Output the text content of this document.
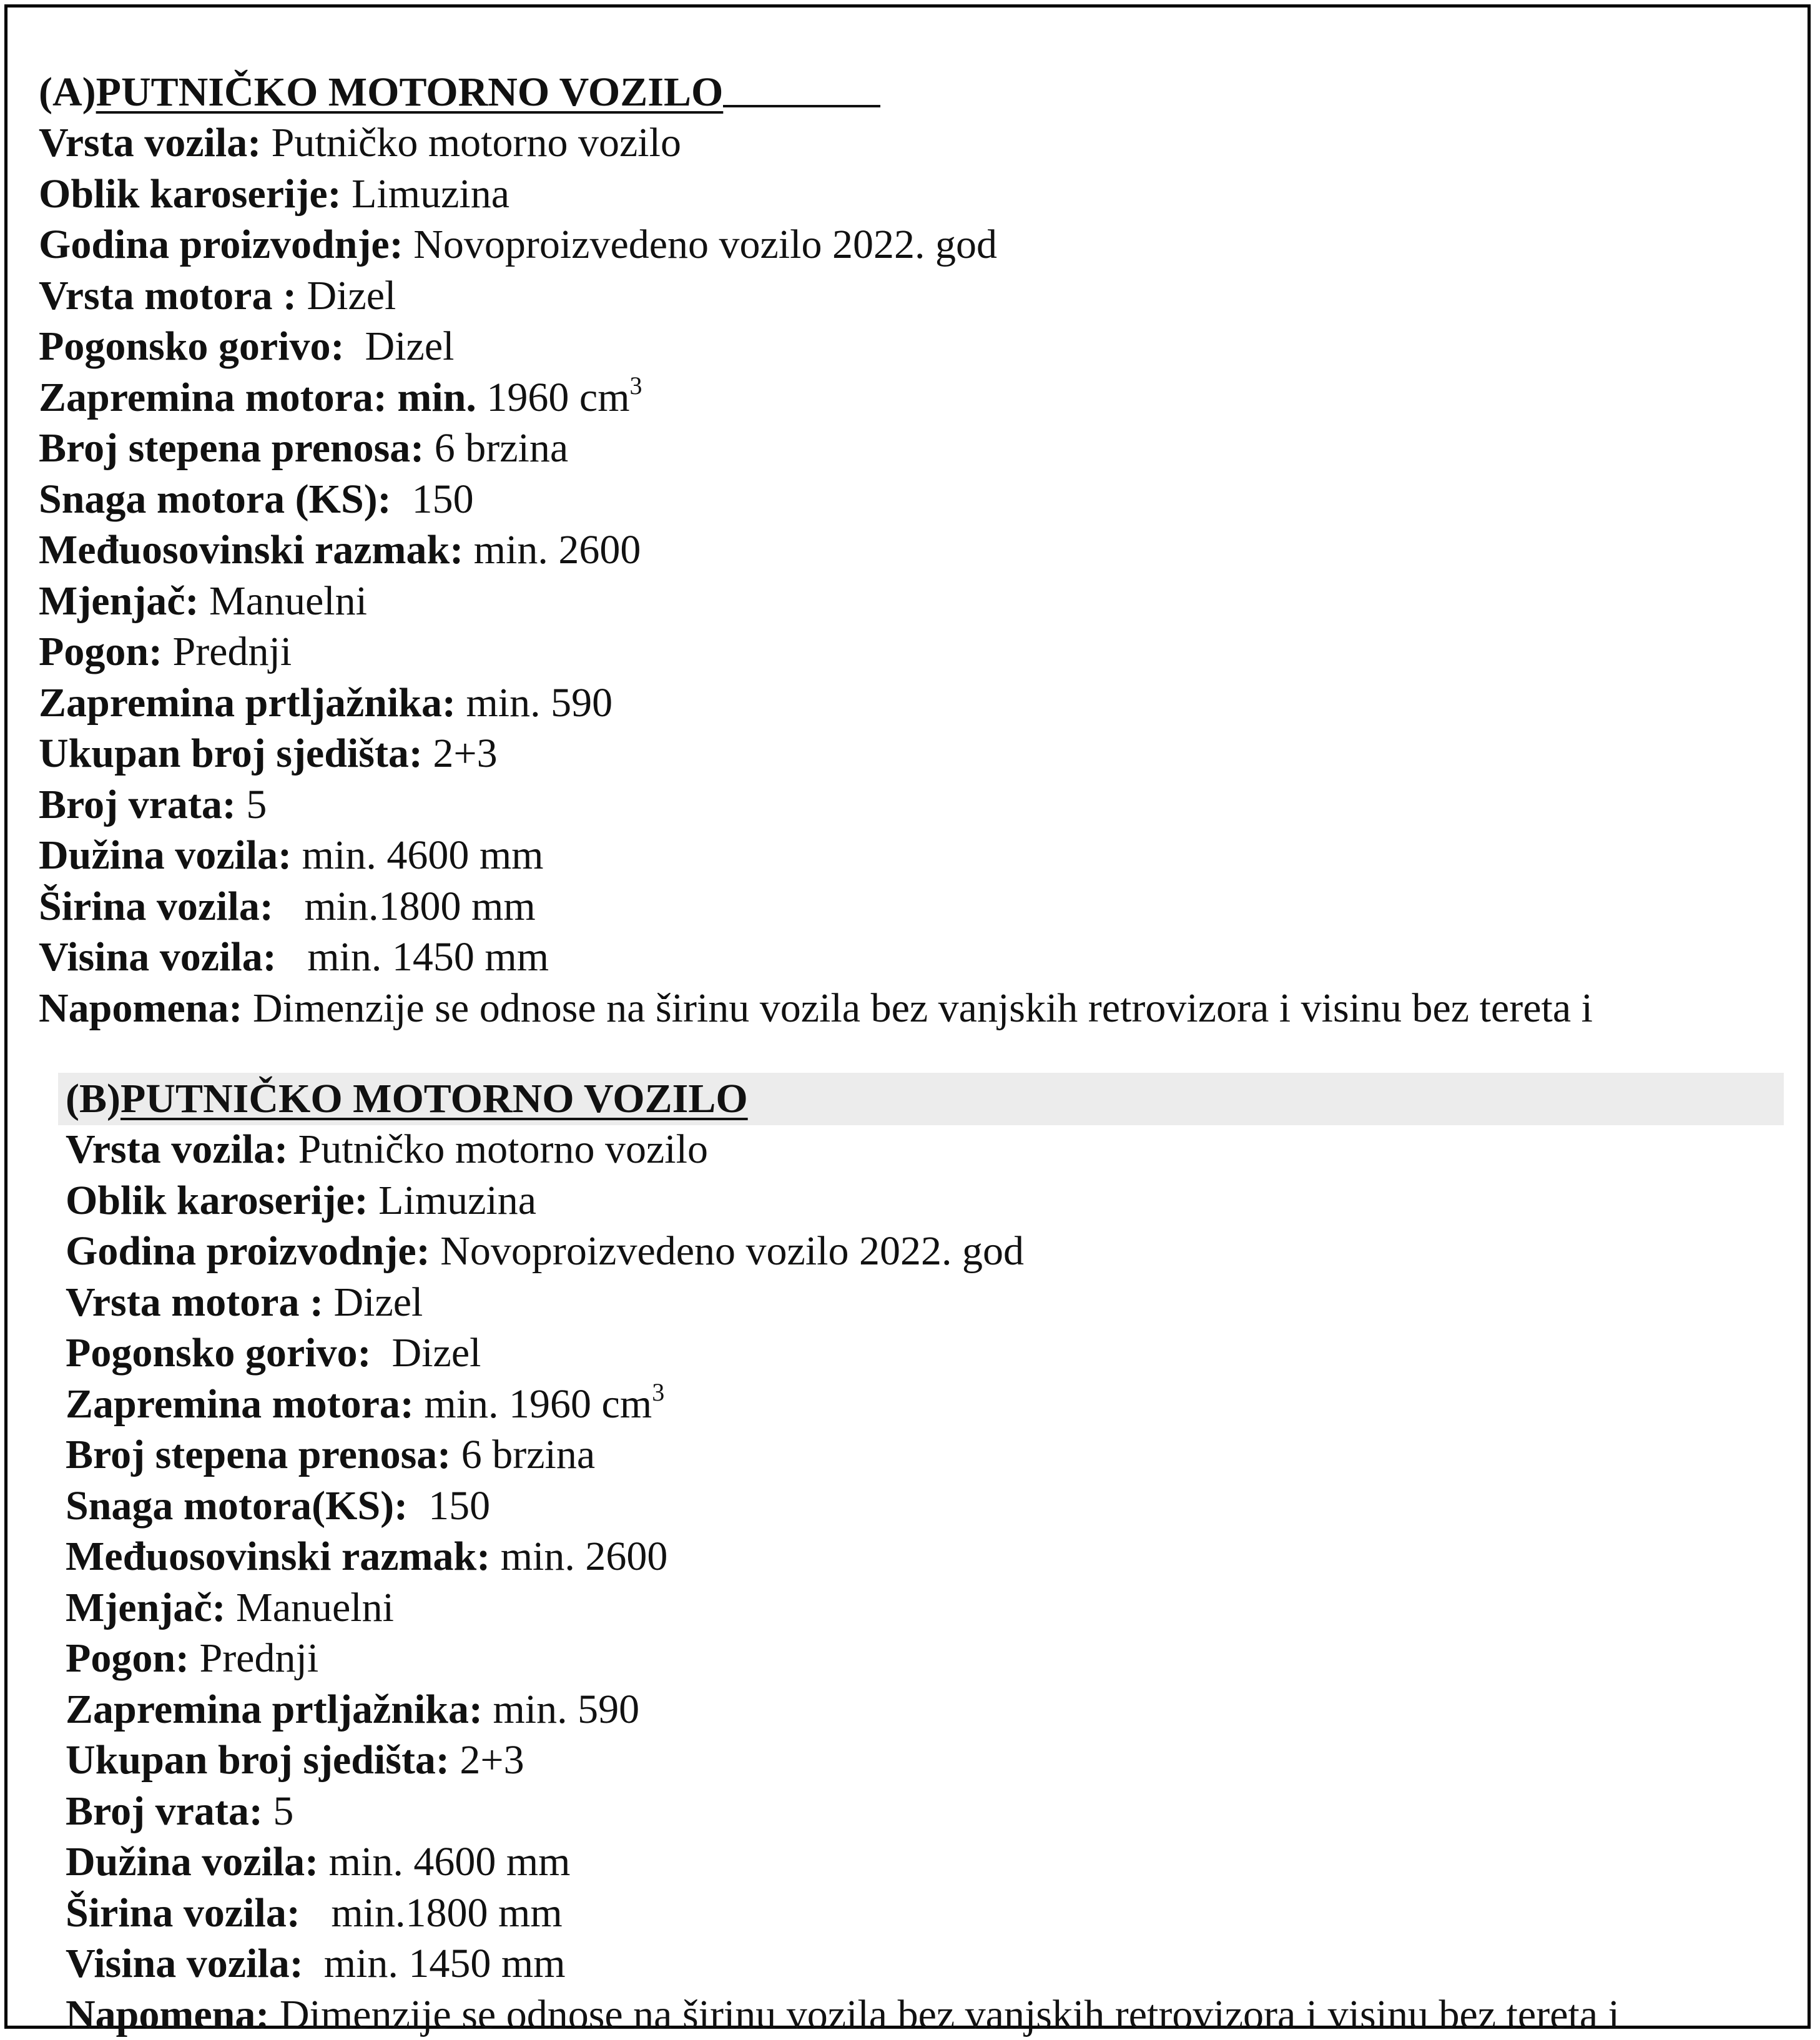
(A)PUTNIČKO MOTORNO VOZILO
Vrsta vozila: Putničko motorno vozilo
Oblik karoserije: Limuzina
Godina proizvodnje: Novoproizvedeno vozilo 2022. god
Vrsta motora : Dizel
Pogonsko gorivo:  Dizel
Zapremina motora: min. 1960 $cm^3$
Broj stepena prenosa: 6 brzina
Snaga motora (KS):  150
Međuosovinski razmak: min. 2600
Mjenjač: Manuelni
Pogon: Prednji
Zapremina prtljažnika: min. 590
Ukupan broj sjedišta: 2+3
Broj vrata: 5
Dužina vozila: min. 4600 mm
Širina vozila:   min.1800 mm
Visina vozila:   min. 1450 mm
Napomena: Dimenzije se odnose na širinu vozila bez vanjskih retrovizora i visinu bez tereta i
(B)PUTNIČKO MOTORNO VOZILO
Vrsta vozila: Putničko motorno vozilo
Oblik karoserije: Limuzina
Godina proizvodnje: Novoproizvedeno vozilo 2022. god
Vrsta motora : Dizel
Pogonsko gorivo:  Dizel
Zapremina motora: min. 1960 $cm^3$
Broj stepena prenosa: 6 brzina
Snaga motora(KS):  150
Međuosovinski razmak: min. 2600
Mjenjač: Manuelni
Pogon: Prednji
Zapremina prtljažnika: min. 590
Ukupan broj sjedišta: 2+3
Broj vrata: 5
Dužina vozila: min. 4600 mm
Širina vozila:   min.1800 mm
Visina vozila:  min. 1450 mm
Napomena: Dimenzije se odnose na širinu vozila bez vanjskih retrovizora i visinu bez tereta i
